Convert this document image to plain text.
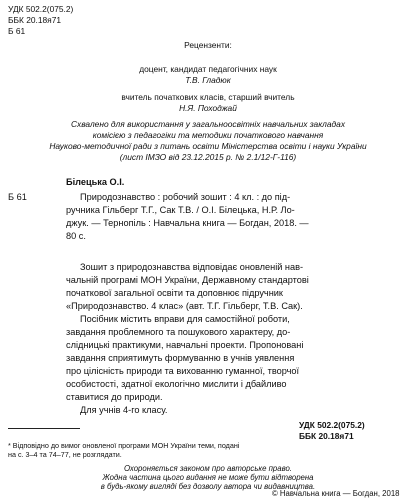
УДК 502.2(075.2)
ББК 20.18я71
Б 61
Рецензенти:
доцент, кандидат педагогічних наук
Т.В. Гладюк
вчитель початкових класів, старший вчитель
Н.Я. Походжай
Схвалено для використання у загальноосвітніх навчальних закладах
комісією з педагогіки та методики початкового навчання
Науково-методичної ради з питань освіти Міністерства освіти і науки України
(лист ІМЗО від 23.12.2015 р. № 2.1/12-Г-116)
Білецька О.І.
Б 61	Природознавство : робочий зошит : 4 кл. : до під-
ручника Гільберг Т.Г., Сак Т.В. / О.І. Білецька, Н.Р. Ло-
джук. — Тернопіль : Навчальна книга — Богдан, 2018. —
80 с.
Зошит з природознавства відповідає оновленій нав-
чальній програмі МОН України, Державному стандартові
початкової загальної освіти та доповнює підручник
«Природознавство. 4 клас» (авт. Т.Г. Гільберг, Т.В. Сак).
Посібник містить вправи для самостійної роботи,
завдання проблемного та пошукового характеру, до-
слідницькі практикуми, навчальні проекти. Пропоновані
завдання сприятимуть формуванню в учнів уявлення
про цілісність природи та вихованню гуманної, творчої
особистості, здатної екологічно мислити і дбайливо
ставитися до природи.
Для учнів 4-го класу.
УДК 502.2(075.2)
ББК 20.18я71
* Відповідно до вимог оновленої програми МОН України теми, подані
на с. 3–4 та 74–77, не розглядати.
Охороняється законом про авторське право.
Жодна частина цього видання не може бути відтворена
в будь-якому вигляді без дозволу автора чи видавництва.
© Навчальна книга — Богдан, 2018
